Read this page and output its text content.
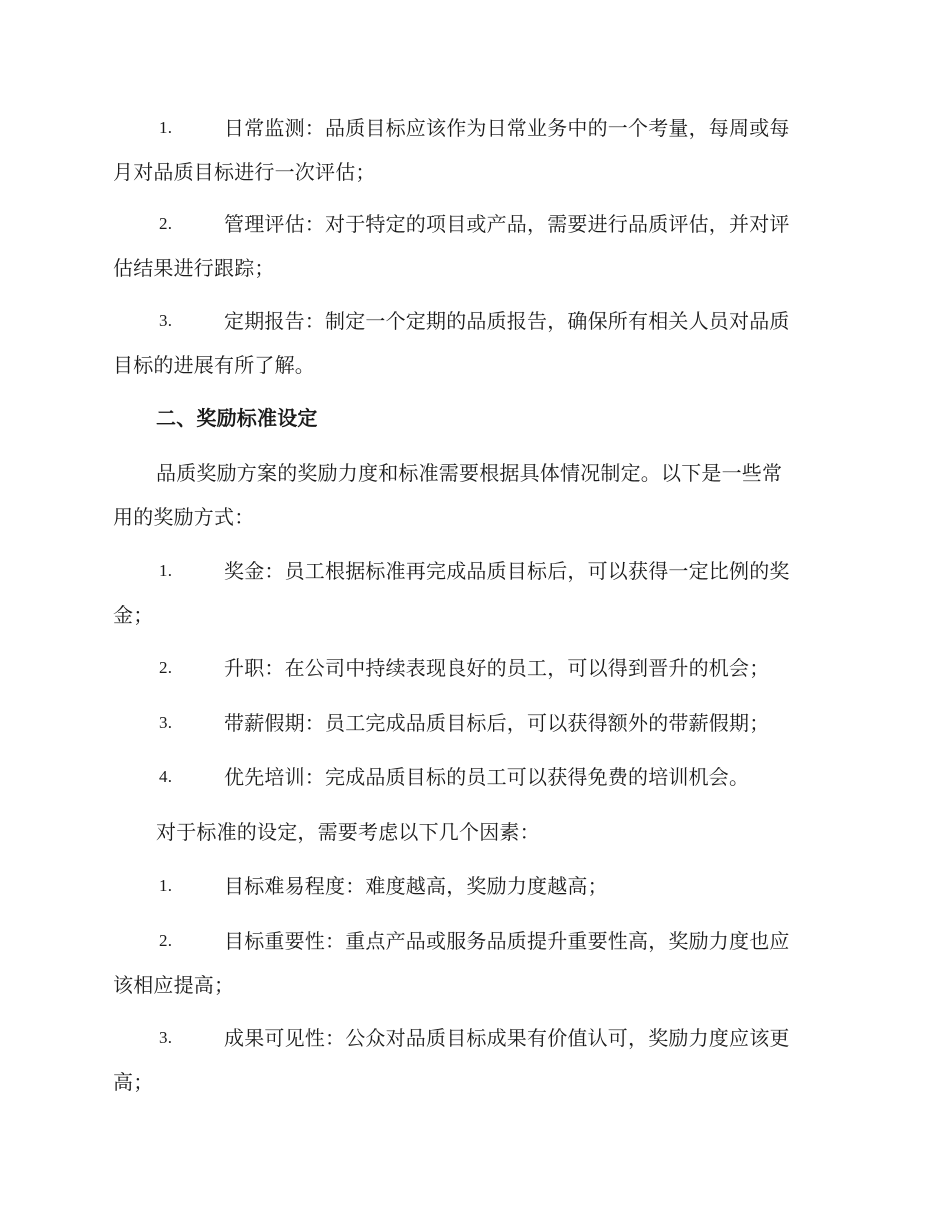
1.	日常监测：品质目标应该作为日常业务中的一个考量，每周或每
月对品质目标进行一次评估；
2.	管理评估：对于特定的项目或产品，需要进行品质评估，并对评
估结果进行跟踪；
3.	定期报告：制定一个定期的品质报告，确保所有相关人员对品质
目标的进展有所了解。
二、奖励标准设定
品质奖励方案的奖励力度和标准需要根据具体情况制定。以下是一些常
用的奖励方式：
1.	奖金：员工根据标准再完成品质目标后，可以获得一定比例的奖
金；
2.	升职：在公司中持续表现良好的员工，可以得到晋升的机会；
3.	带薪假期：员工完成品质目标后，可以获得额外的带薪假期；
4.	优先培训：完成品质目标的员工可以获得免费的培训机会。
对于标准的设定，需要考虑以下几个因素：
1.	目标难易程度：难度越高，奖励力度越高；
2.	目标重要性：重点产品或服务品质提升重要性高，奖励力度也应
该相应提高；
3.	成果可见性：公众对品质目标成果有价值认可，奖励力度应该更
高；
